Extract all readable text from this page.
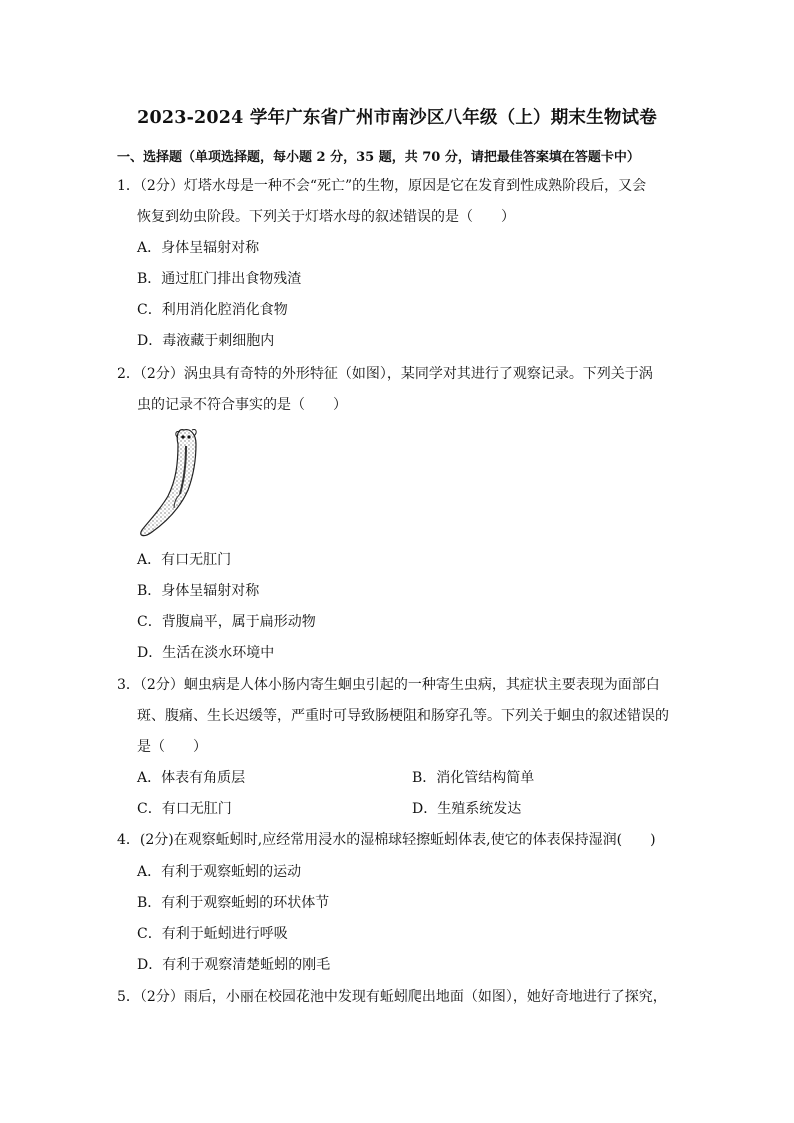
2023-2024 学年广东省广州市南沙区八年级（上）期末生物试卷
一、选择题（单项选择题，每小题 2 分，35 题，共 70 分，请把最佳答案填在答题卡中）
1．（2分）灯塔水母是一种不会“死亡”的生物，原因是它在发育到性成熟阶段后，又会
恢复到幼虫阶段。下列关于灯塔水母的叙述错误的是（　　）
A．身体呈辐射对称
B．通过肛门排出食物残渣
C．利用消化腔消化食物
D．毒液藏于刺细胞内
2．（2分）涡虫具有奇特的外形特征（如图），某同学对其进行了观察记录。下列关于涡
虫的记录不符合事实的是（　　）
A．有口无肛门
B．身体呈辐射对称
C．背腹扁平，属于扁形动物
D．生活在淡水环境中
3．（2分）蛔虫病是人体小肠内寄生蛔虫引起的一种寄生虫病，其症状主要表现为面部白
斑、腹痛、生长迟缓等，严重时可导致肠梗阻和肠穿孔等。下列关于蛔虫的叙述错误的
是（　　）
A．体表有角质层	B．消化管结构简单
C．有口无肛门	D．生殖系统发达
4．(2分)在观察蚯蚓时,应经常用浸水的湿棉球轻擦蚯蚓体表,使它的体表保持湿润(　　)
A．有利于观察蚯蚓的运动
B．有利于观察蚯蚓的环状体节
C．有利于蚯蚓进行呼吸
D．有利于观察清楚蚯蚓的刚毛
5．（2分）雨后，小丽在校园花池中发现有蚯蚓爬出地面（如图），她好奇地进行了探究，
